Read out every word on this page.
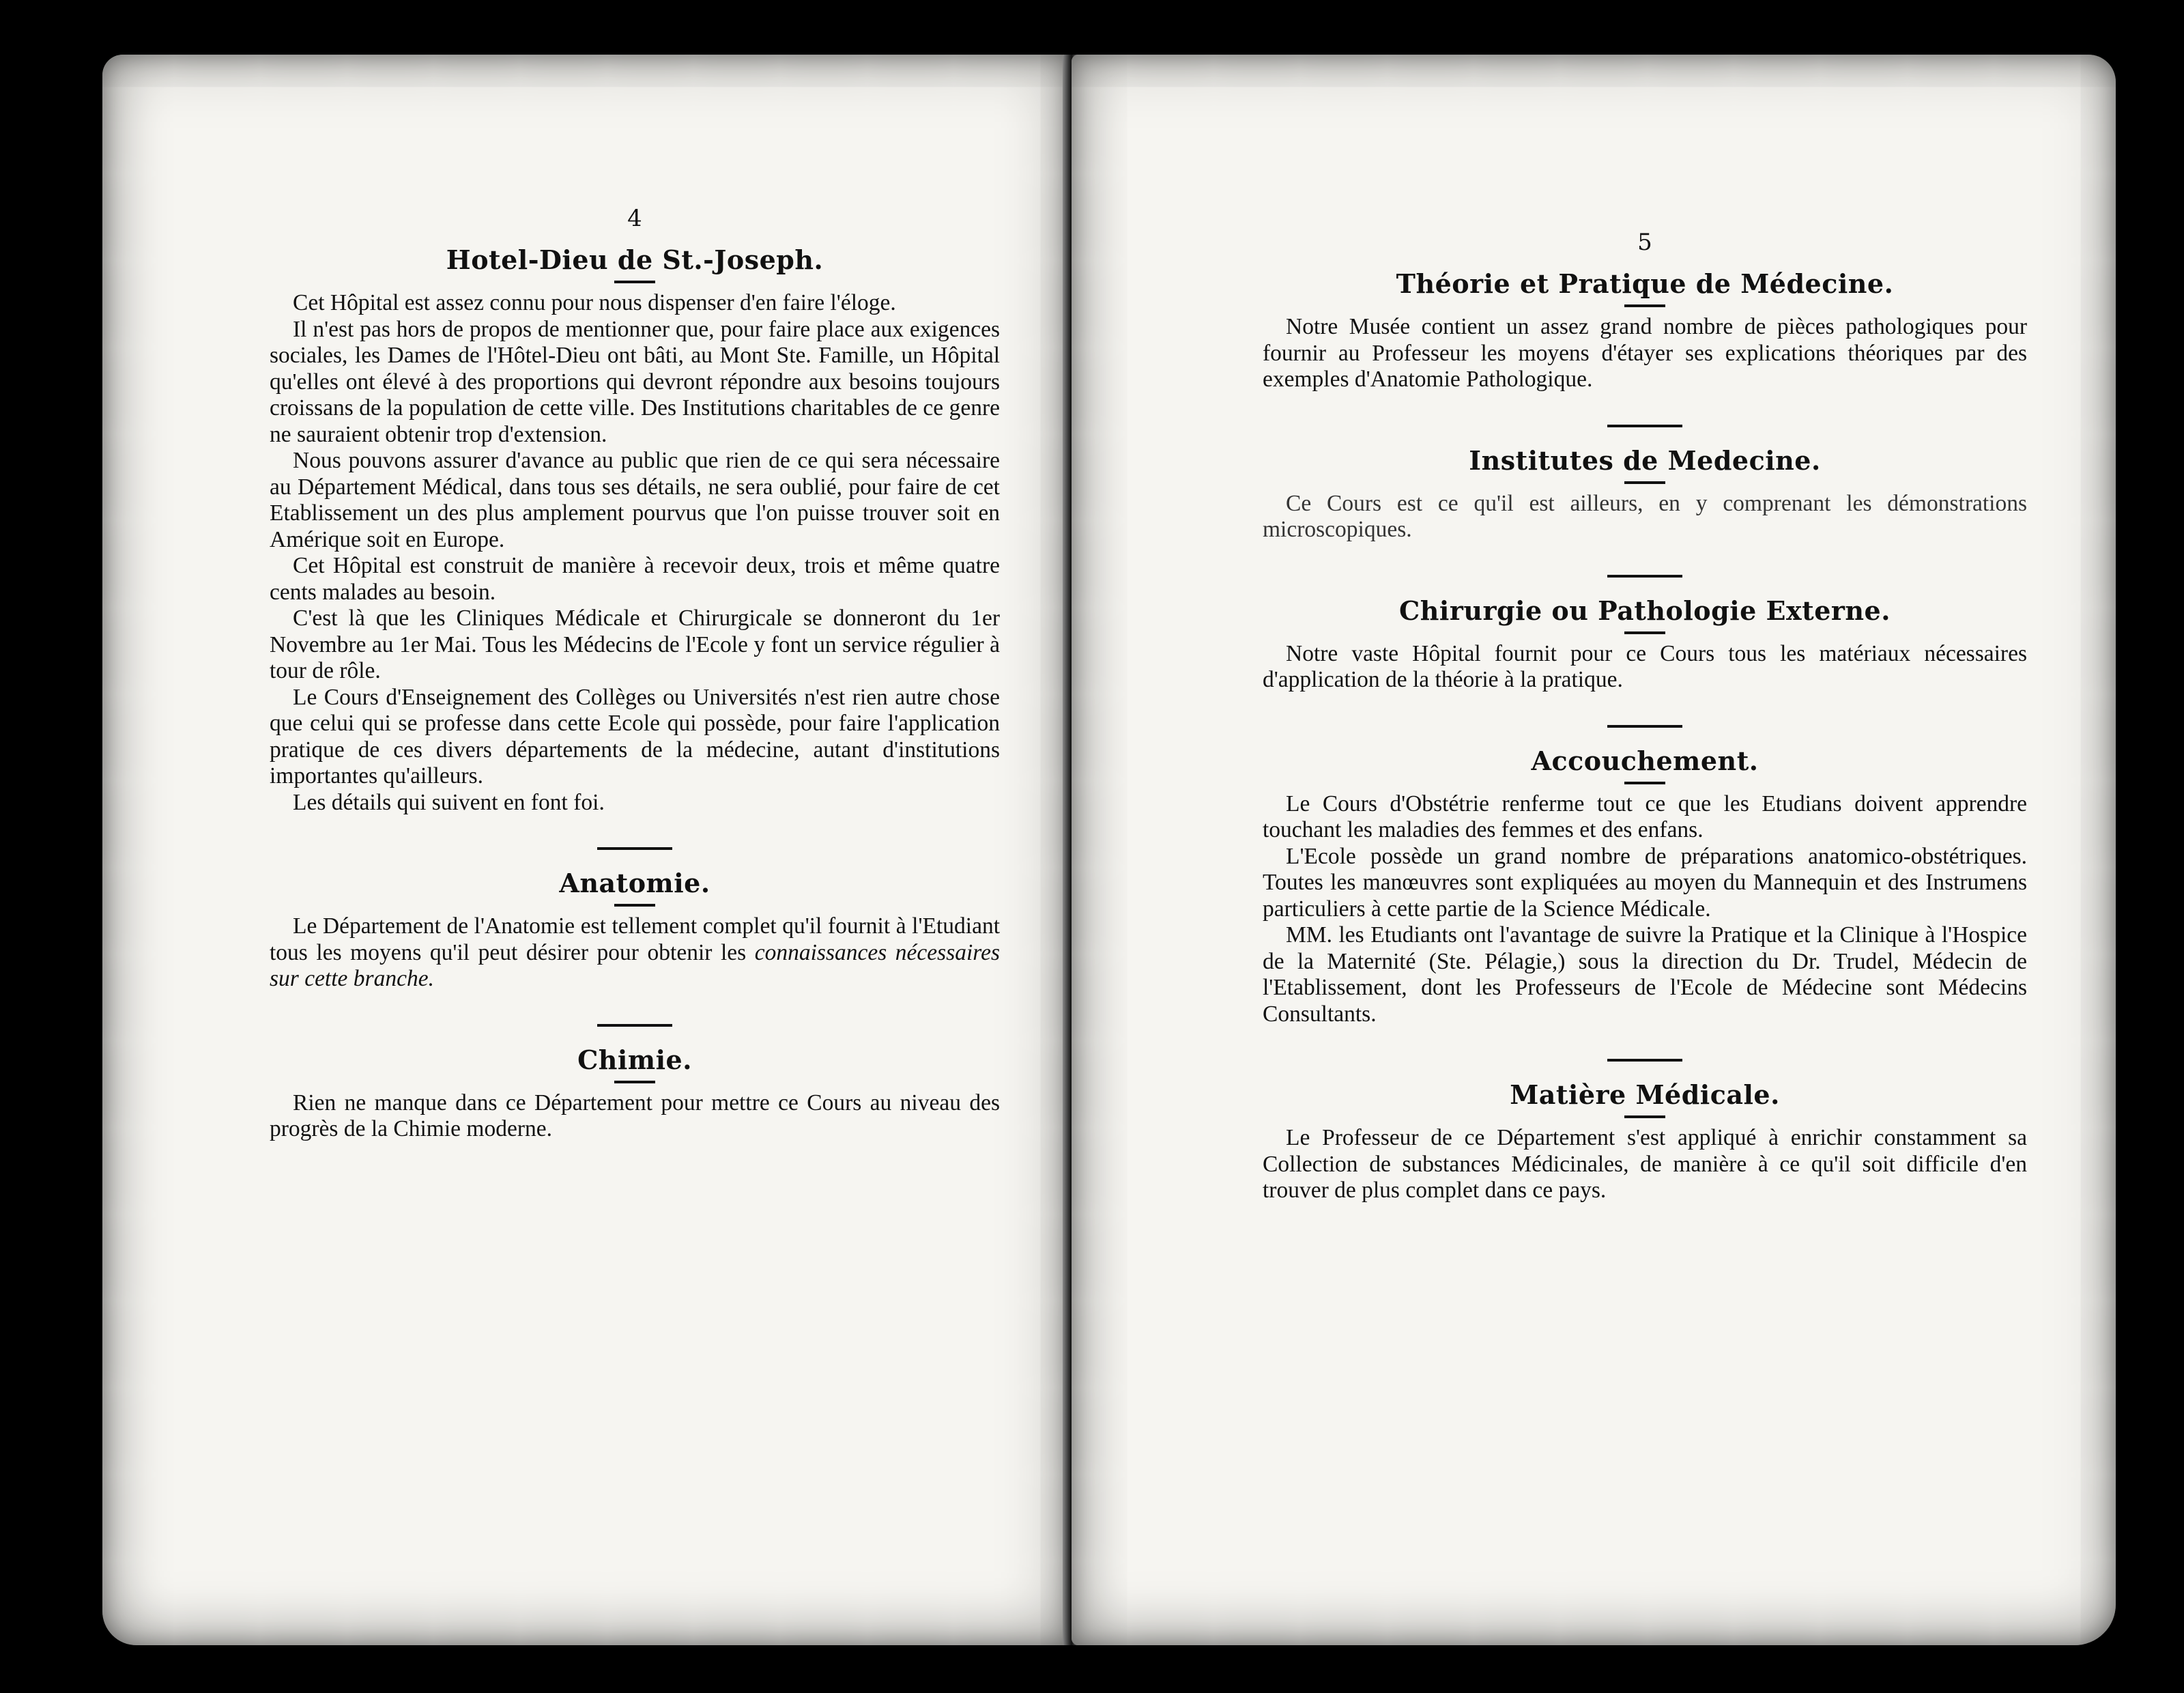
4
Hotel-Dieu de St.-Joseph.

Cet Hôpital est assez connu pour nous dispenser d'en faire l'éloge.

Il n'est pas hors de propos de mentionner que, pour faire place aux exigences sociales, les Dames de l'Hôtel-Dieu ont bâti, au Mont Ste. Famille, un Hôpital qu'elles ont élevé à des proportions qui devront répondre aux besoins toujours croissans de la population de cette ville. Des Institutions charitables de ce genre ne sauraient obtenir trop d'extension.

Nous pouvons assurer d'avance au public que rien de ce qui sera nécessaire au Département Médical, dans tous ses détails, ne sera oublié, pour faire de cet Etablissement un des plus amplement pourvus que l'on puisse trouver soit en Amérique soit en Europe.

Cet Hôpital est construit de manière à recevoir deux, trois et même quatre cents malades au besoin.

C'est là que les Cliniques Médicale et Chirurgicale se donneront du 1er Novembre au 1er Mai. Tous les Médecins de l'Ecole y font un service régulier à tour de rôle.

Le Cours d'Enseignement des Collèges ou Universités n'est rien autre chose que celui qui se professe dans cette Ecole qui possède, pour faire l'application pratique de ces divers départements de la médecine, autant d'institutions importantes qu'ailleurs.

Les détails qui suivent en font foi.

Anatomie.

Le Département de l'Anatomie est tellement complet qu'il fournit à l'Etudiant tous les moyens qu'il peut désirer pour obtenir les connaissances nécessaires sur cette branche.

Chimie.

Rien ne manque dans ce Département pour mettre ce Cours au niveau des progrès de la Chimie moderne.

5
Théorie et Pratique de Médecine.

Notre Musée contient un assez grand nombre de pièces pathologiques pour fournir au Professeur les moyens d'étayer ses explications théoriques par des exemples d'Anatomie Pathologique.

Institutes de Medecine.

Ce Cours est ce qu'il est ailleurs, en y comprenant les démonstrations microscopiques.

Chirurgie ou Pathologie Externe.

Notre vaste Hôpital fournit pour ce Cours tous les matériaux nécessaires d'application de la théorie à la pratique.

Accouchement.

Le Cours d'Obstétrie renferme tout ce que les Etudians doivent apprendre touchant les maladies des femmes et des enfans.

L'Ecole possède un grand nombre de préparations anatomico-obstétriques. Toutes les manœuvres sont expliquées au moyen du Mannequin et des Instrumens particuliers à cette partie de la Science Médicale.

MM. les Etudiants ont l'avantage de suivre la Pratique et la Clinique à l'Hospice de la Maternité (Ste. Pélagie,) sous la direction du Dr. Trudel, Médecin de l'Etablissement, dont les Professeurs de l'Ecole de Médecine sont Médecins Consultants.

Matière Médicale.

Le Professeur de ce Département s'est appliqué à enrichir constamment sa Collection de substances Médicinales, de manière à ce qu'il soit difficile d'en trouver de plus complet dans ce pays.
